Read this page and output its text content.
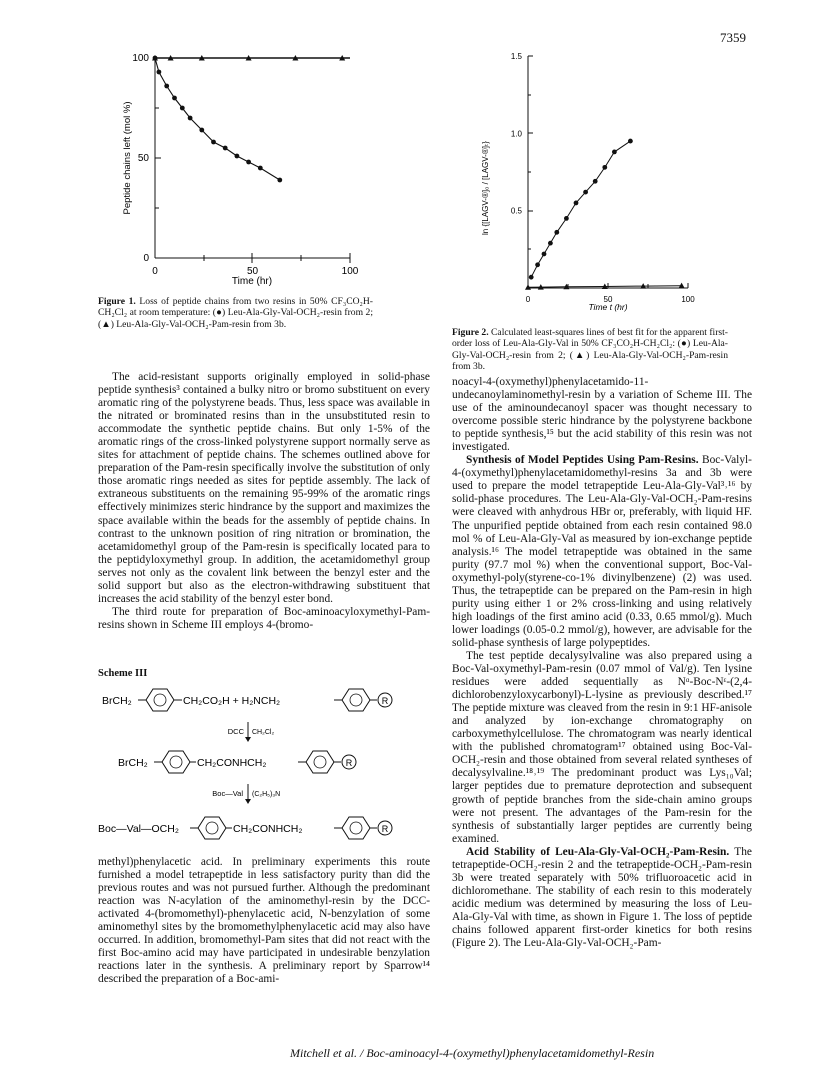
7359
0
50
100
0	50	100
Peptide chains left (mol %)
Time (hr)
Figure 1. Loss of peptide chains from two resins in 50% CF₃CO₂H-CH₂Cl₂ at room temperature: (●) Leu-Ala-Gly-Val-OCH₂-resin from 2; (▲) Leu-Ala-Gly-Val-OCH₂-Pam-resin from 3b.
0.5
1.0
1.5
0	50	100
ln {[LAGV-®]₀ / [LAGV-®]ₜ}
Time t (hr)
Figure 2. Calculated least-squares lines of best fit for the apparent first-order loss of Leu-Ala-Gly-Val in 50% CF₃CO₂H-CH₂Cl₂: (●) Leu-Ala-Gly-Val-OCH₂-resin from 2; (▲) Leu-Ala-Gly-Val-OCH₂-Pam-resin from 3b.

The acid-resistant supports originally employed in solid-phase peptide synthesis³ contained a bulky nitro or bromo substituent on every aromatic ring of the polystyrene beads. Thus, less space was available in the nitrated or brominated resins than in the unsubstituted resin to accommodate the synthetic peptide chains. But only 1-5% of the aromatic rings of the cross-linked polystyrene support normally serve as sites for attachment of peptide chains. The schemes outlined above for preparation of the Pam-resin specifically involve the substitution of only those aromatic rings needed as sites for peptide assembly. The lack of extraneous substituents on the remaining 95-99% of the aromatic rings effectively minimizes steric hindrance by the support and maximizes the space available within the beads for the assembly of peptide chains. In contrast to the unknown position of ring nitration or bromination, the acetamidomethyl group of the Pam-resin is specifically located para to the peptidyloxymethyl group. In addition, the acetamidomethyl group serves not only as the covalent link between the benzyl ester and the solid support but also as the electron-withdrawing substituent that increases the acid stability of the benzyl ester bond.

The third route for preparation of Boc-aminoacyloxymethyl-Pam-resins shown in Scheme III employs 4-(bromo-

Scheme III
BrCH₂	CH₂CO₂H + H₂NCH₂	R
DCC CH₂Cl₂
BrCH₂	CH₂CONHCH₂	R
Boc—Val (C₂H₅)₃N
Boc—Val—OCH₂	CH₂CONHCH₂	R

methyl)phenylacetic acid. In preliminary experiments this route furnished a model tetrapeptide in less satisfactory purity than did the previous routes and was not pursued further. Although the predominant reaction was N-acylation of the aminomethyl-resin by the DCC-activated 4-(bromomethyl)-phenylacetic acid, N-benzylation of some aminomethyl sites by the bromomethylphenylacetic acid may also have occurred. In addition, bromomethyl-Pam sites that did not react with the first Boc-amino acid may have participated in undesirable benzylation reactions later in the synthesis. A preliminary report by Sparrow¹⁴ described the preparation of a Boc-ami-

noacyl-4-(oxymethyl)phenylacetamido-11-undecanoylaminomethyl-resin by a variation of Scheme III. The use of the aminoundecanoyl spacer was thought necessary to overcome possible steric hindrance by the polystyrene backbone to peptide synthesis,¹⁵ but the acid stability of this resin was not investigated.

Synthesis of Model Peptides Using Pam-Resins. Boc-Valyl-4-(oxymethyl)phenylacetamidomethyl-resins 3a and 3b were used to prepare the model tetrapeptide Leu-Ala-Gly-Val³˒¹⁶ by solid-phase procedures. The Leu-Ala-Gly-Val-OCH₂-Pam-resins were cleaved with anhydrous HBr or, preferably, with liquid HF. The unpurified peptide obtained from each resin contained 98.0 mol % of Leu-Ala-Gly-Val as measured by ion-exchange peptide analysis.¹⁶ The model tetrapeptide was obtained in the same purity (97.7 mol %) when the conventional support, Boc-Val-oxymethyl-poly(styrene-co-1% divinylbenzene) (2) was used. Thus, the tetrapeptide can be prepared on the Pam-resin in high purity using either 1 or 2% cross-linking and using relatively high loadings of the first amino acid (0.33, 0.65 mmol/g). Much lower loadings (0.05-0.2 mmol/g), however, are advisable for the solid-phase synthesis of large polypeptides.

The test peptide decalysylvaline was also prepared using a Boc-Val-oxymethyl-Pam-resin (0.07 mmol of Val/g). Ten lysine residues were added sequentially as Nᵅ-Boc-Nᵋ-(2,4-dichlorobenzyloxycarbonyl)-L-lysine as previously described.¹⁷ The peptide mixture was cleaved from the resin in 9:1 HF-anisole and analyzed by ion-exchange chromatography on carboxymethylcellulose. The chromatogram was nearly identical with the published chromatogram¹⁷ obtained using Boc-Val-OCH₂-resin and those obtained from several related syntheses of decalysylvaline.¹⁸˒¹⁹ The predominant product was Lys₁₀Val; larger peptides due to premature deprotection and subsequent growth of peptide branches from the side-chain amino groups were not present. The advantages of the Pam-resin for the synthesis of substantially larger peptides are currently being examined.

Acid Stability of Leu-Ala-Gly-Val-OCH₂-Pam-Resin. The tetrapeptide-OCH₂-resin 2 and the tetrapeptide-OCH₂-Pam-resin 3b were treated separately with 50% trifluoroacetic acid in dichloromethane. The stability of each resin to this moderately acidic medium was determined by measuring the loss of Leu-Ala-Gly-Val with time, as shown in Figure 1. The loss of peptide chains followed apparent first-order kinetics for both resins (Figure 2). The Leu-Ala-Gly-Val-OCH₂-Pam-

Mitchell et al. / Boc-aminoacyl-4-(oxymethyl)phenylacetamidomethyl-Resin
